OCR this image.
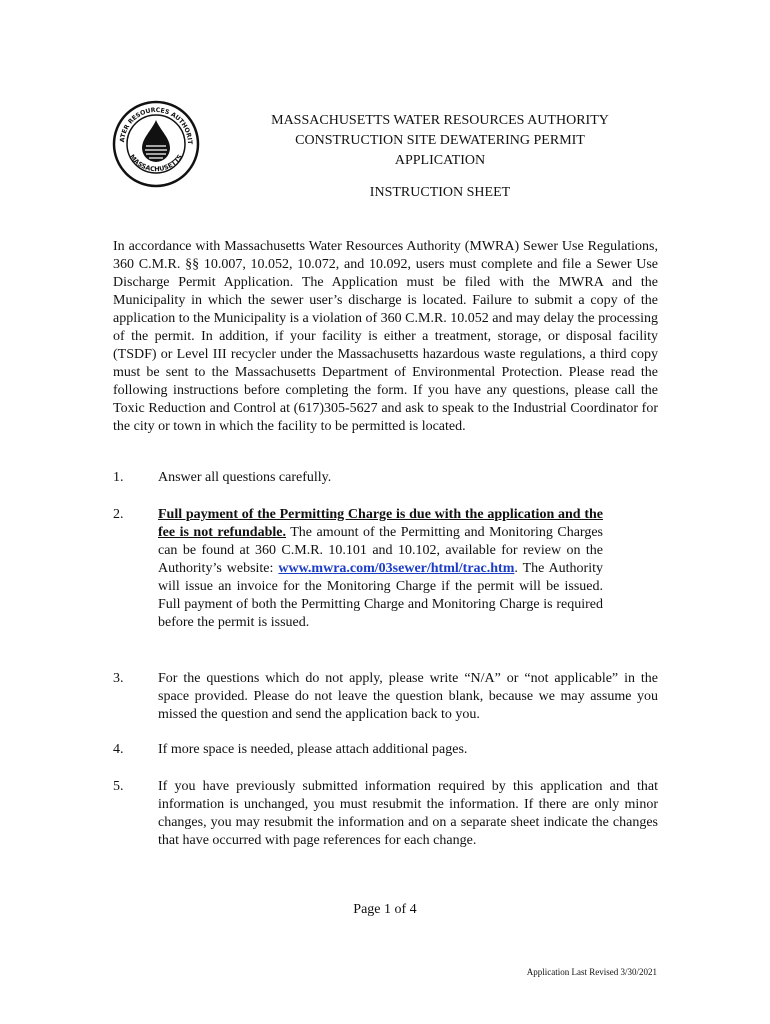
ATER RESOURCES AUTHORIT
MASSACHUSETTS
MASSACHUSETTS WATER RESOURCES AUTHORITY
CONSTRUCTION SITE DEWATERING PERMIT
APPLICATION
INSTRUCTION SHEET
In accordance with Massachusetts Water Resources Authority (MWRA) Sewer Use Regulations, 360 C.M.R. §§ 10.007, 10.052, 10.072, and 10.092, users must complete and file a Sewer Use Discharge Permit Application. The Application must be filed with the MWRA and the Municipality in which the sewer user’s discharge is located. Failure to submit a copy of the application to the Municipality is a violation of 360 C.M.R. 10.052 and may delay the processing of the permit. In addition, if your facility is either a treatment, storage, or disposal facility (TSDF) or Level III recycler under the Massachusetts hazardous waste regulations, a third copy must be sent to the Massachusetts Department of Environmental Protection. Please read the following instructions before completing the form. If you have any questions, please call the Toxic Reduction and Control at (617)305-5627 and ask to speak to the Industrial Coordinator for the city or town in which the facility to be permitted is located.
1. Answer all questions carefully.
2. Full payment of the Permitting Charge is due with the application and the fee is not refundable. The amount of the Permitting and Monitoring Charges can be found at 360 C.M.R. 10.101 and 10.102, available for review on the Authority’s website: www.mwra.com/03sewer/html/trac.htm. The Authority will issue an invoice for the Monitoring Charge if the permit will be issued. Full payment of both the Permitting Charge and Monitoring Charge is required before the permit is issued.
3. For the questions which do not apply, please write “N/A” or “not applicable” in the space provided. Please do not leave the question blank, because we may assume you missed the question and send the application back to you.
4. If more space is needed, please attach additional pages.
5. If you have previously submitted information required by this application and that information is unchanged, you must resubmit the information. If there are only minor changes, you may resubmit the information and on a separate sheet indicate the changes that have occurred with page references for each change.
Page 1 of 4
Application Last Revised 3/30/2021
